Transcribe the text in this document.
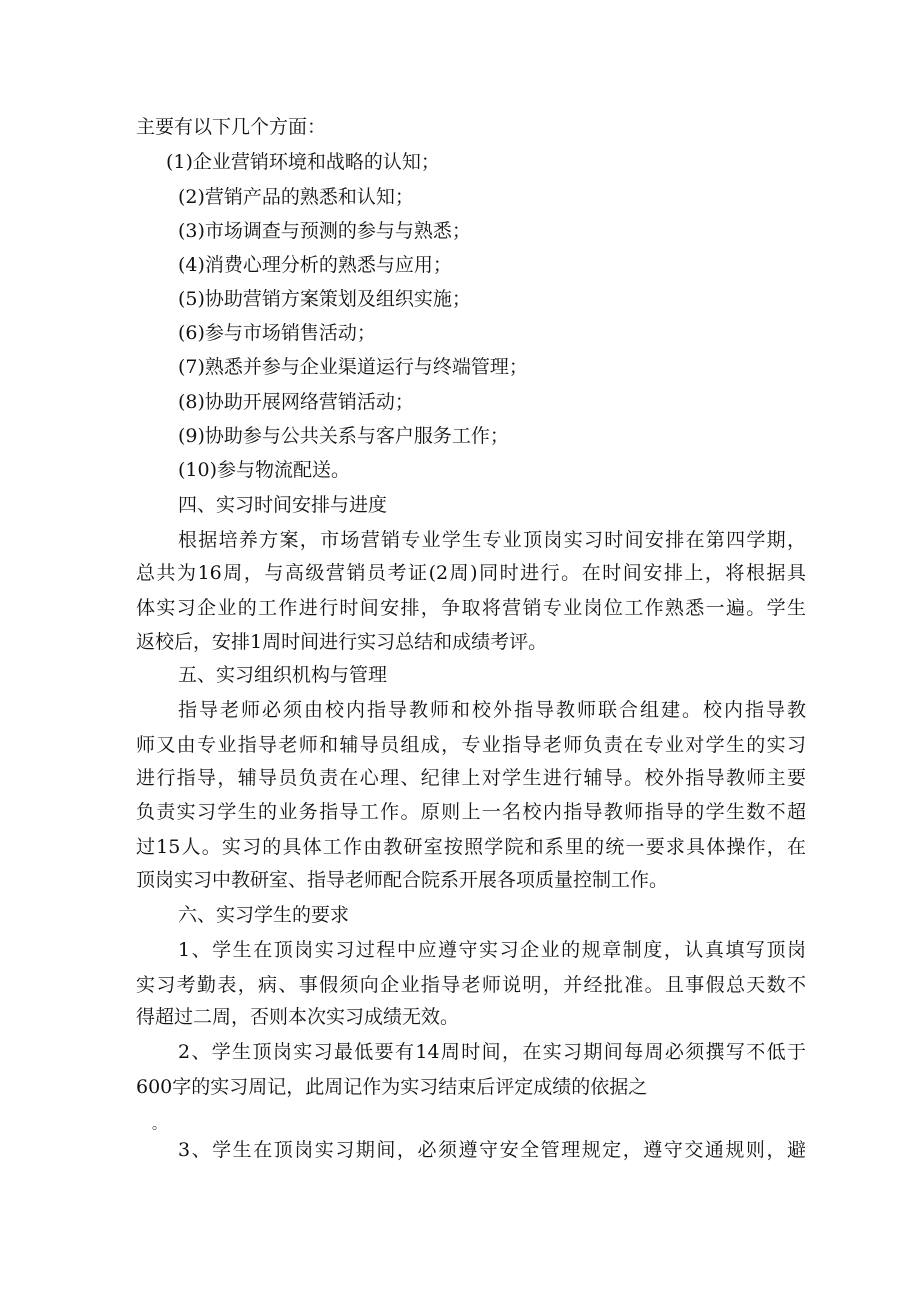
主要有以下几个方面：
(1)企业营销环境和战略的认知；
(2)营销产品的熟悉和认知；
(3)市场调查与预测的参与与熟悉；
(4)消费心理分析的熟悉与应用；
(5)协助营销方案策划及组织实施；
(6)参与市场销售活动；
(7)熟悉并参与企业渠道运行与终端管理；
(8)协助开展网络营销活动；
(9)协助参与公共关系与客户服务工作；
(10)参与物流配送。
四、实习时间安排与进度
根据培养方案，市场营销专业学生专业顶岗实习时间安排在第四学期，
总共为16周，与高级营销员考证(2周)同时进行。在时间安排上，将根据具
体实习企业的工作进行时间安排，争取将营销专业岗位工作熟悉一遍。学生
返校后，安排1周时间进行实习总结和成绩考评。
五、实习组织机构与管理
指导老师必须由校内指导教师和校外指导教师联合组建。校内指导教
师又由专业指导老师和辅导员组成，专业指导老师负责在专业对学生的实习
进行指导，辅导员负责在心理、纪律上对学生进行辅导。校外指导教师主要
负责实习学生的业务指导工作。原则上一名校内指导教师指导的学生数不超
过15人。实习的具体工作由教研室按照学院和系里的统一要求具体操作，在
顶岗实习中教研室、指导老师配合院系开展各项质量控制工作。
六、实习学生的要求
1、学生在顶岗实习过程中应遵守实习企业的规章制度，认真填写顶岗
实习考勤表，病、事假须向企业指导老师说明，并经批准。且事假总天数不
得超过二周，否则本次实习成绩无效。
2、学生顶岗实习最低要有14周时间，在实习期间每周必须撰写不低于
600字的实习周记，此周记作为实习结束后评定成绩的依据之
。
3、学生在顶岗实习期间，必须遵守安全管理规定，遵守交通规则，避
